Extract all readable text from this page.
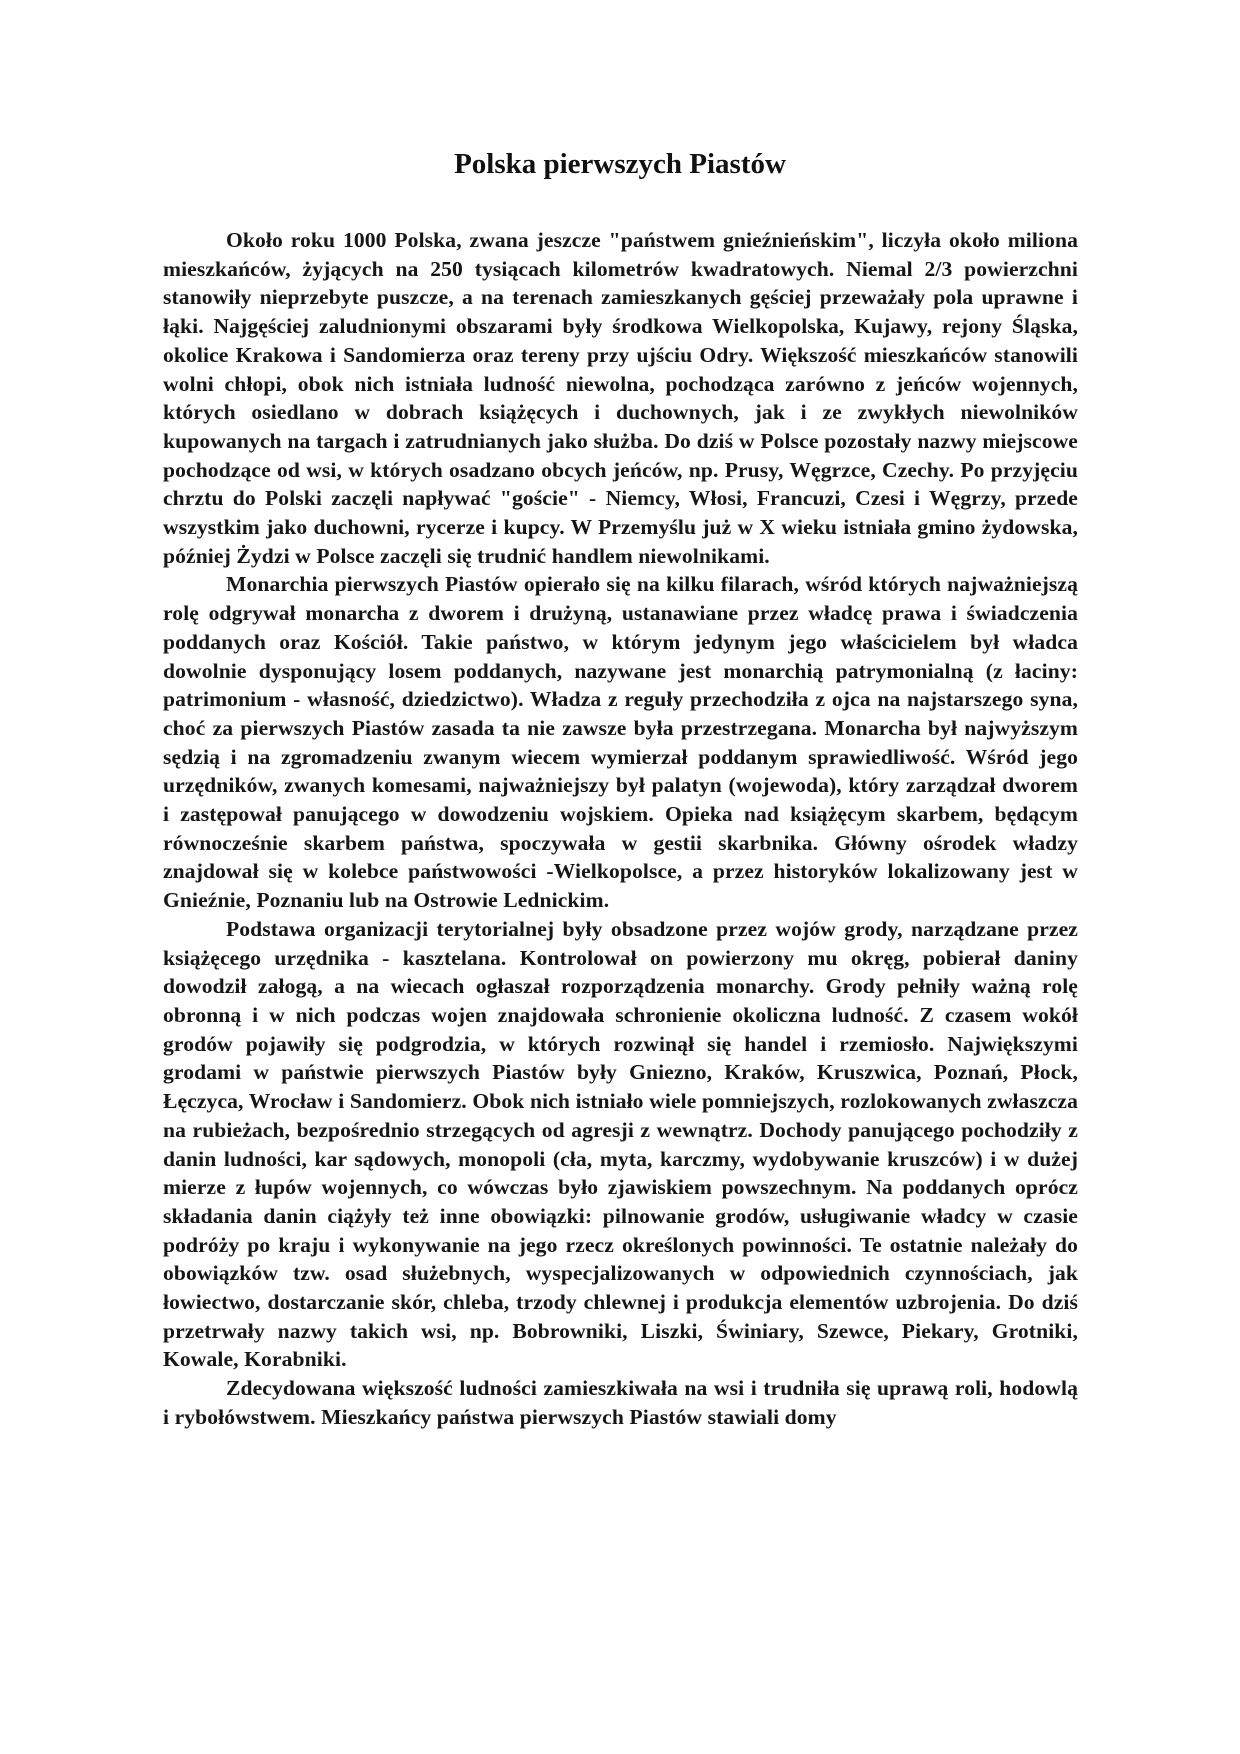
Polska pierwszych Piastów

Około roku 1000 Polska, zwana jeszcze "państwem gnieźnieńskim", liczyła około miliona mieszkańców, żyjących na 250 tysiącach kilometrów kwadratowych. Niemal 2/3 powierzchni stanowiły nieprzebyte puszcze, a na terenach zamieszkanych gęściej przeważały pola uprawne i łąki. Najgęściej zaludnionymi obszarami były środkowa Wielkopolska, Kujawy, rejony Śląska, okolice Krakowa i Sandomierza oraz tereny przy ujściu Odry. Większość mieszkańców stanowili wolni chłopi, obok nich istniała ludność niewolna, pochodząca zarówno z jeńców wojennych, których osiedlano w dobrach książęcych i duchownych, jak i ze zwykłych niewolników kupowanych na targach i zatrudnianych jako służba. Do dziś w Polsce pozostały nazwy miejscowe pochodzące od wsi, w których osadzano obcych jeńców, np. Prusy, Węgrzce, Czechy. Po przyjęciu chrztu do Polski zaczęli napływać "goście" - Niemcy, Włosi, Francuzi, Czesi i Węgrzy, przede wszystkim jako duchowni, rycerze i kupcy. W Przemyślu już w X wieku istniała gmino żydowska, później Żydzi w Polsce zaczęli się trudnić handlem niewolnikami.

Monarchia pierwszych Piastów opierało się na kilku filarach, wśród których najważniejszą rolę odgrywał monarcha z dworem i drużyną, ustanawiane przez władcę prawa i świadczenia poddanych oraz Kościół. Takie państwo, w którym jedynym jego właścicielem był władca dowolnie dysponujący losem poddanych, nazywane jest monarchią patrymonialną (z łaciny: patrimonium - własność, dziedzictwo). Władza z reguły przechodziła z ojca na najstarszego syna, choć za pierwszych Piastów zasada ta nie zawsze była przestrzegana. Monarcha był najwyższym sędzią i na zgromadzeniu zwanym wiecem wymierzał poddanym sprawiedliwość. Wśród jego urzędników, zwanych komesami, najważniejszy był palatyn (wojewoda), który zarządzał dworem i zastępował panującego w dowodzeniu wojskiem. Opieka nad książęcym skarbem, będącym równocześnie skarbem państwa, spoczywała w gestii skarbnika. Główny ośrodek władzy znajdował się w kolebce państwowości -Wielkopolsce, a przez historyków lokalizowany jest w Gnieźnie, Poznaniu lub na Ostrowie Lednickim.

Podstawa organizacji terytorialnej były obsadzone przez wojów grody, narządzane przez książęcego urzędnika - kasztelana. Kontrolował on powierzony mu okręg, pobierał daniny dowodził załogą, a na wiecach ogłaszał rozporządzenia monarchy. Grody pełniły ważną rolę obronną i w nich podczas wojen znajdowała schronienie okoliczna ludność. Z czasem wokół grodów pojawiły się podgrodzia, w których rozwinął się handel i rzemiosło. Największymi grodami w państwie pierwszych Piastów były Gniezno, Kraków, Kruszwica, Poznań, Płock, Łęczyca, Wrocław i Sandomierz. Obok nich istniało wiele pomniejszych, rozlokowanych zwłaszcza na rubieżach, bezpośrednio strzegących od agresji z wewnątrz. Dochody panującego pochodziły z danin ludności, kar sądowych, monopoli (cła, myta, karczmy, wydobywanie kruszców) i w dużej mierze z łupów wojennych, co wówczas było zjawiskiem powszechnym. Na poddanych oprócz składania danin ciążyły też inne obowiązki: pilnowanie grodów, usługiwanie władcy w czasie podróży po kraju i wykonywanie na jego rzecz określonych powinności. Te ostatnie należały do obowiązków tzw. osad służebnych, wyspecjalizowanych w odpowiednich czynnościach, jak łowiectwo, dostarczanie skór, chleba, trzody chlewnej i produkcja elementów uzbrojenia. Do dziś przetrwały nazwy takich wsi, np. Bobrowniki, Liszki, Świniary, Szewce, Piekary, Grotniki, Kowale, Korabniki.

Zdecydowana większość ludności zamieszkiwała na wsi i trudniła się uprawą roli, hodowlą i rybołówstwem. Mieszkańcy państwa pierwszych Piastów stawiali domy
